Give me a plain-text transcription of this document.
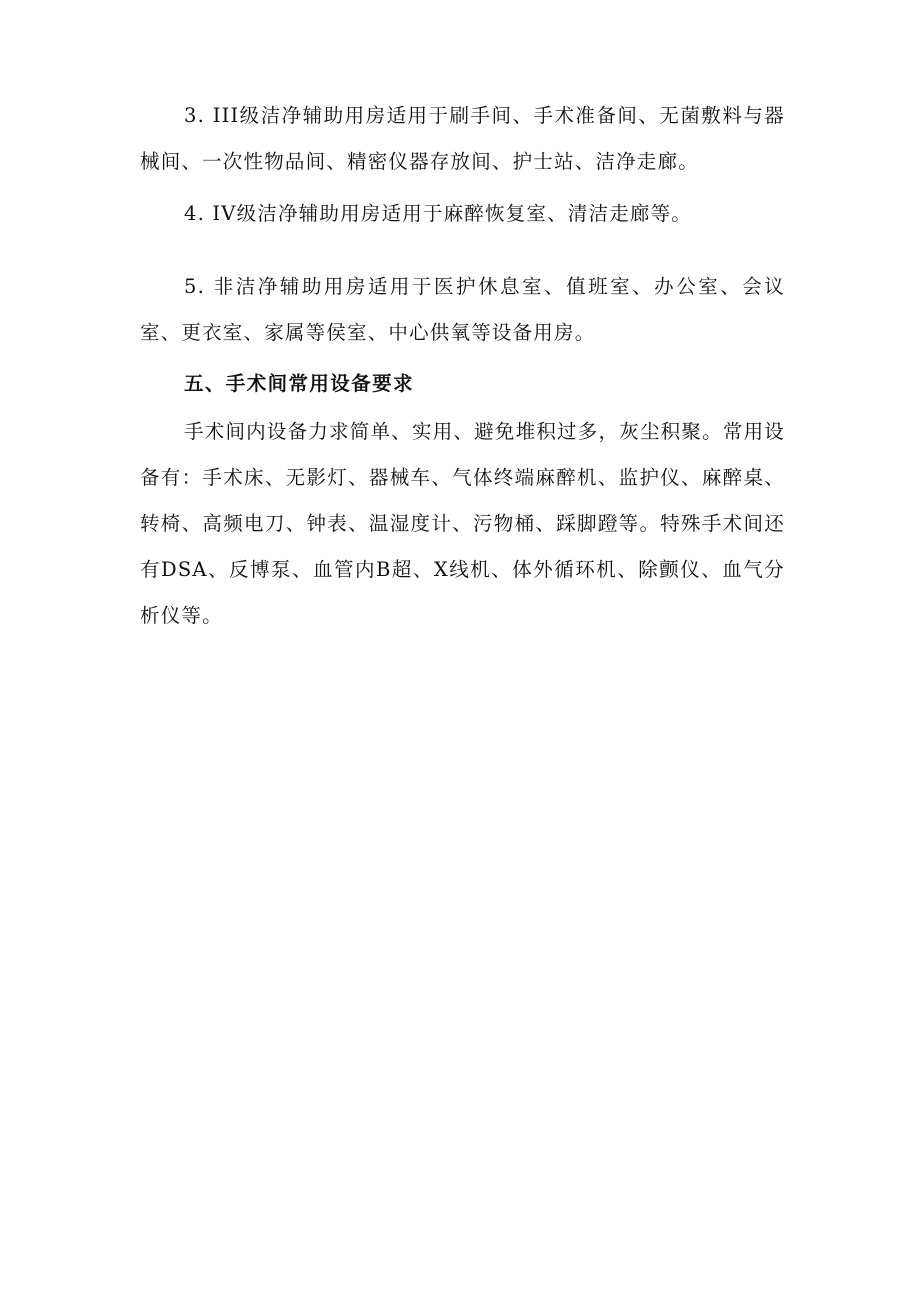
3. III级洁净辅助用房适用于刷手间、手术准备间、无菌敷料与器械间、一次性物品间、精密仪器存放间、护士站、洁净走廊。

4. IV级洁净辅助用房适用于麻醉恢复室、清洁走廊等。

5. 非洁净辅助用房适用于医护休息室、值班室、办公室、会议室、更衣室、家属等侯室、中心供氧等设备用房。

五、手术间常用设备要求

手术间内设备力求简单、实用、避免堆积过多，灰尘积聚。常用设备有：手术床、无影灯、器械车、气体终端麻醉机、监护仪、麻醉桌、转椅、高频电刀、钟表、温湿度计、污物桶、踩脚蹬等。特殊手术间还有DSA、反博泵、血管内B超、X线机、体外循环机、除颤仪、血气分析仪等。
